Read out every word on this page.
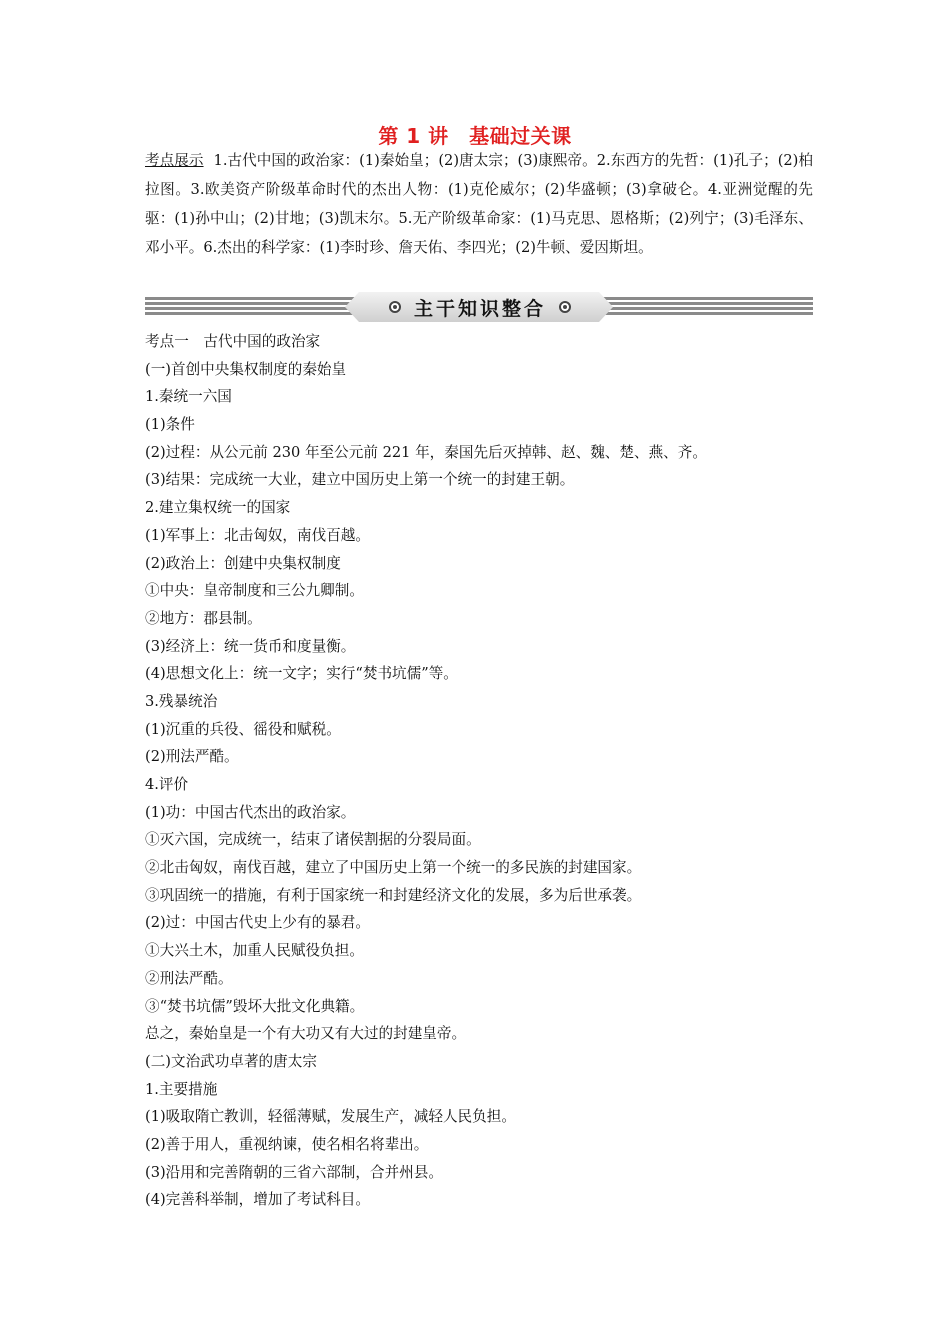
第 1 讲　基础过关课
考点展示 1.古代中国的政治家：(1)秦始皇；(2)唐太宗；(3)康熙帝。2.东西方的先哲：(1)孔子；(2)柏拉图。3.欧美资产阶级革命时代的杰出人物：(1)克伦威尔；(2)华盛顿；(3)拿破仑。4.亚洲觉醒的先驱：(1)孙中山；(2)甘地；(3)凯末尔。5.无产阶级革命家：(1)马克思、恩格斯；(2)列宁；(3)毛泽东、邓小平。6.杰出的科学家：(1)李时珍、詹天佑、李四光；(2)牛顿、爱因斯坦。
主干知识整合
考点一　古代中国的政治家
(一)首创中央集权制度的秦始皇
1.秦统一六国
(1)条件
(2)过程：从公元前 230 年至公元前 221 年，秦国先后灭掉韩、赵、魏、楚、燕、齐。
(3)结果：完成统一大业，建立中国历史上第一个统一的封建王朝。
2.建立集权统一的国家
(1)军事上：北击匈奴，南伐百越。
(2)政治上：创建中央集权制度
①中央：皇帝制度和三公九卿制。
②地方：郡县制。
(3)经济上：统一货币和度量衡。
(4)思想文化上：统一文字；实行“焚书坑儒”等。
3.残暴统治
(1)沉重的兵役、徭役和赋税。
(2)刑法严酷。
4.评价
(1)功：中国古代杰出的政治家。
①灭六国，完成统一，结束了诸侯割据的分裂局面。
②北击匈奴，南伐百越，建立了中国历史上第一个统一的多民族的封建国家。
③巩固统一的措施，有利于国家统一和封建经济文化的发展，多为后世承袭。
(2)过：中国古代史上少有的暴君。
①大兴土木，加重人民赋役负担。
②刑法严酷。
③“焚书坑儒”毁坏大批文化典籍。
总之，秦始皇是一个有大功又有大过的封建皇帝。
(二)文治武功卓著的唐太宗
1.主要措施
(1)吸取隋亡教训，轻徭薄赋，发展生产，减轻人民负担。
(2)善于用人，重视纳谏，使名相名将辈出。
(3)沿用和完善隋朝的三省六部制，合并州县。
(4)完善科举制，增加了考试科目。
